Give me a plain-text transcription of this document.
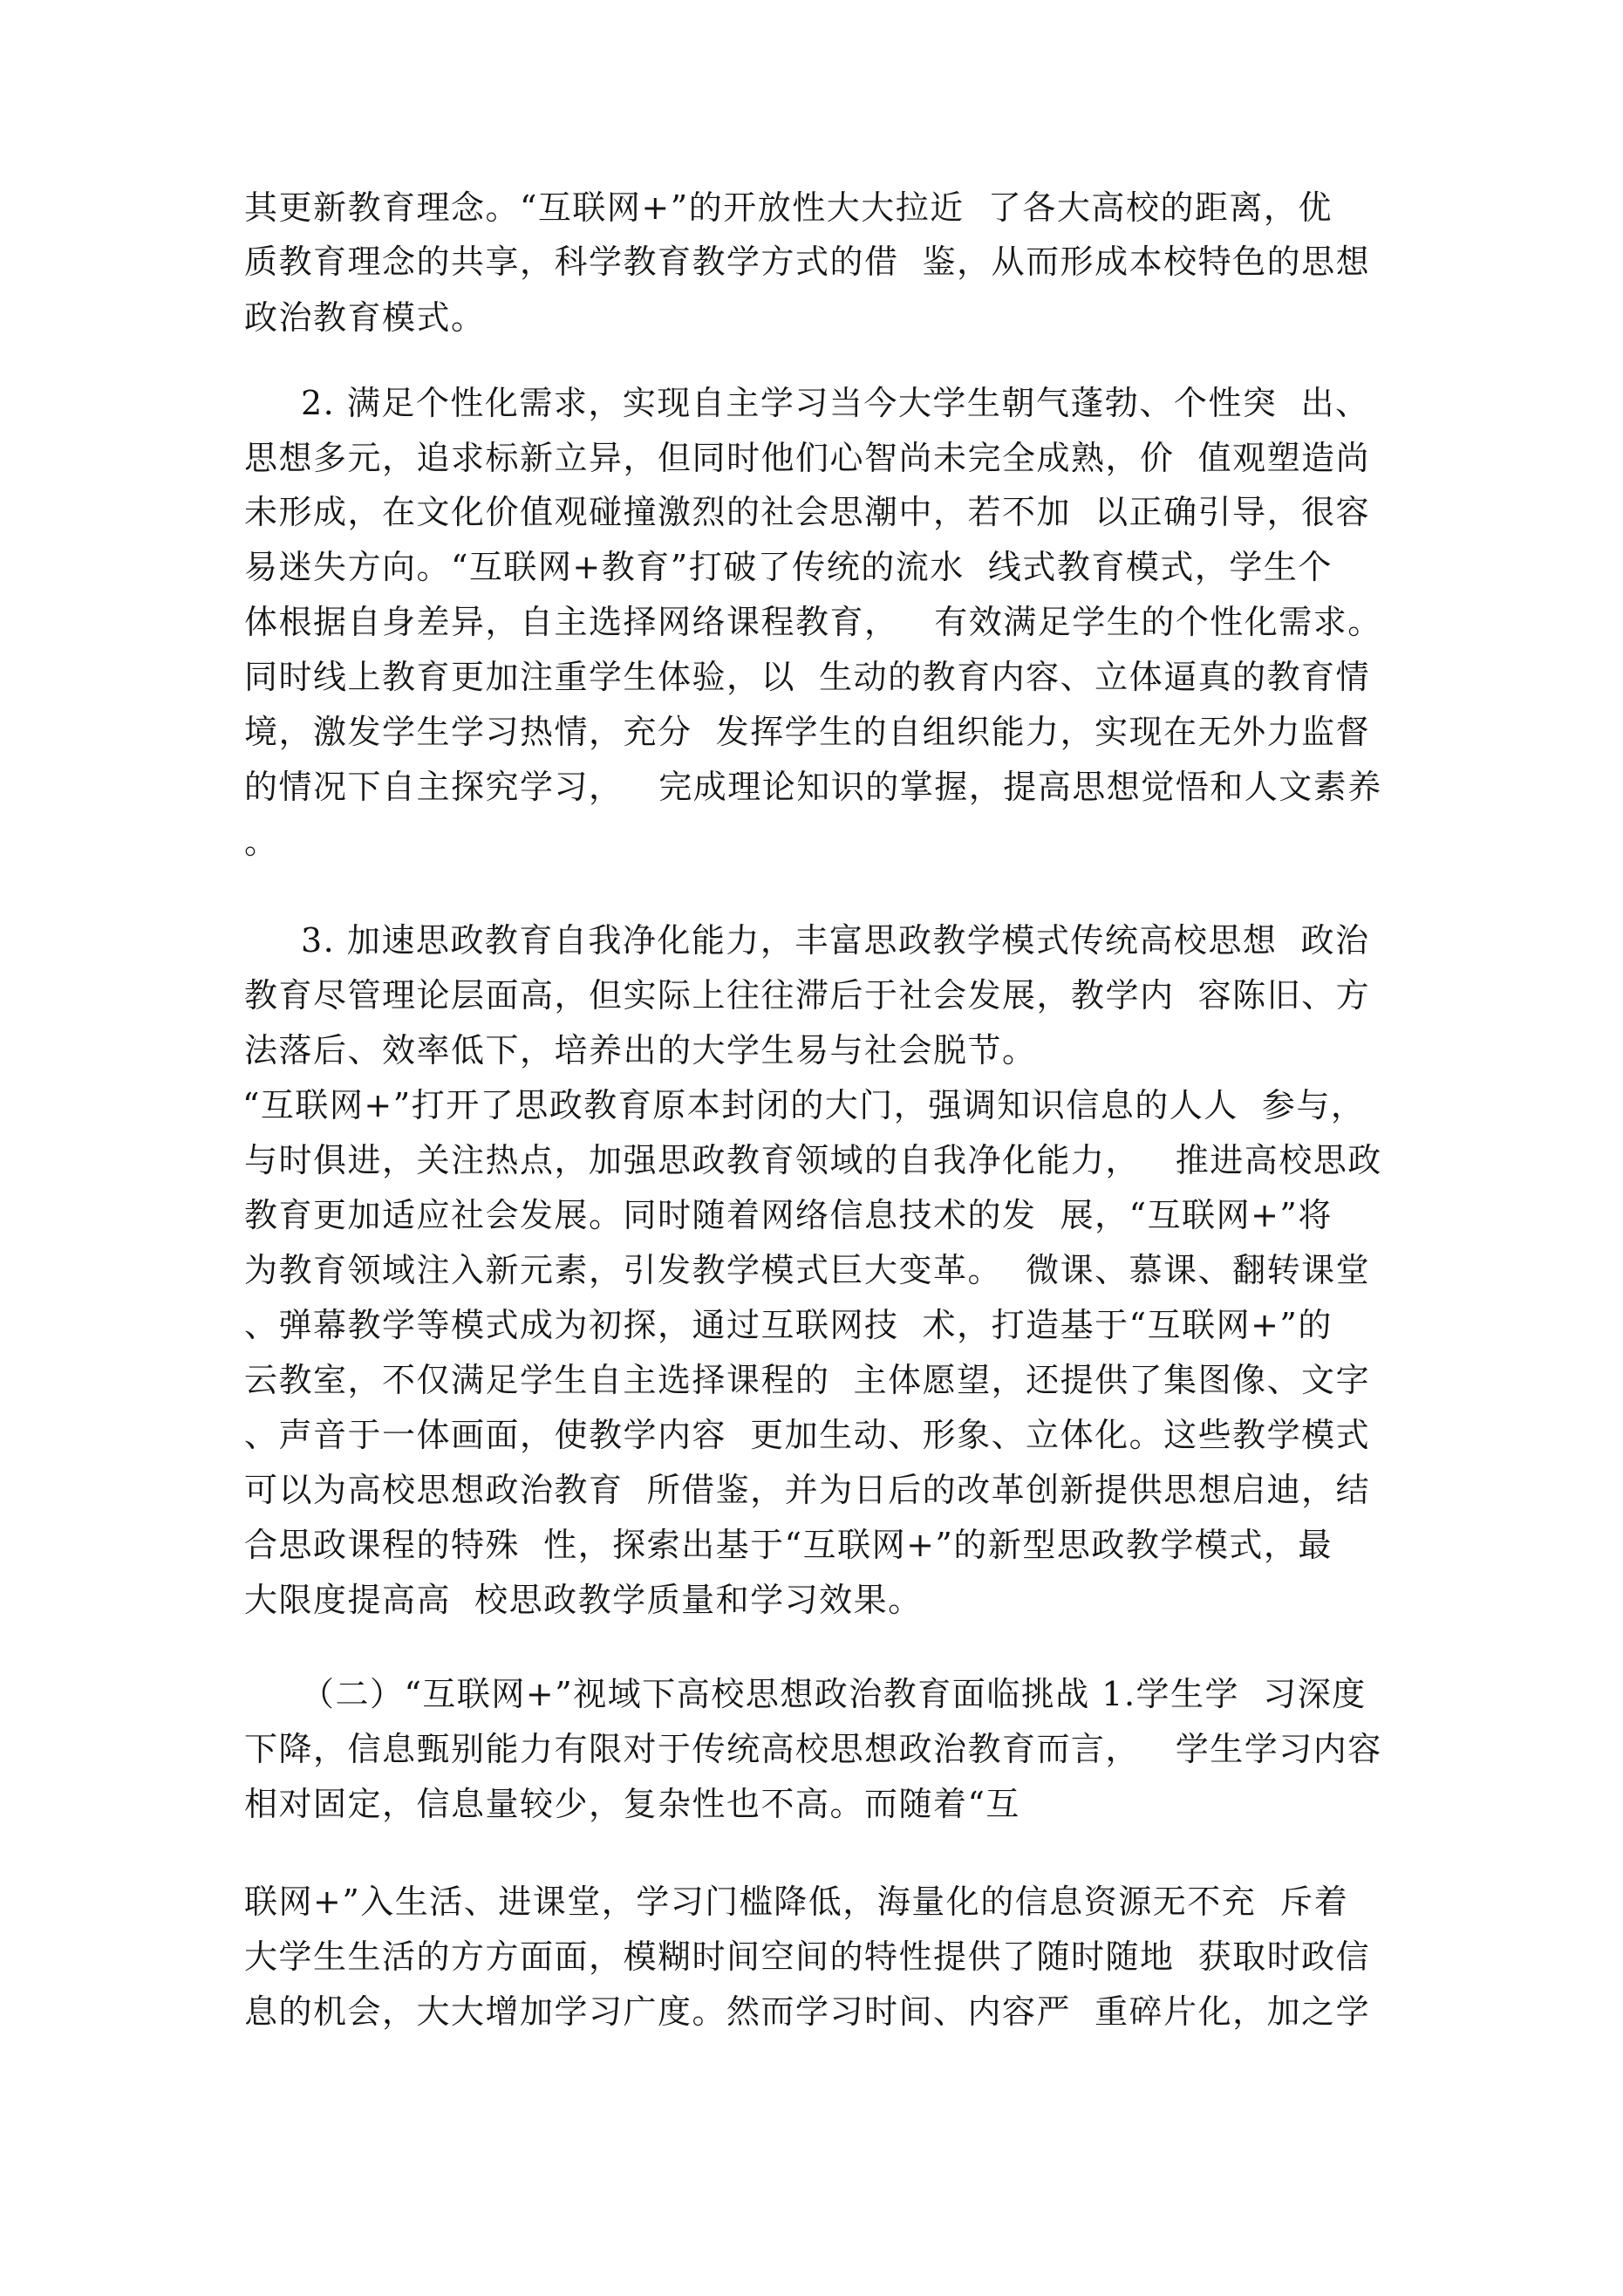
其更新教育理念。“互联网+”的开放性大大拉近  了各大高校的距离，优

质教育理念的共享，科学教育教学方式的借  鉴，从而形成本校特色的思想

政治教育模式。

2. 满足个性化需求，实现自主学习当今大学生朝气蓬勃、个性突  出、

思想多元，追求标新立异，但同时他们心智尚未完全成熟，价  值观塑造尚

未形成，在文化价值观碰撞激烈的社会思潮中，若不加  以正确引导，很容

易迷失方向。“互联网+教育”打破了传统的流水  线式教育模式，学生个

体根据自身差异，自主选择网络课程教育，   有效满足学生的个性化需求。

同时线上教育更加注重学生体验，以  生动的教育内容、立体逼真的教育情

境，激发学生学习热情，充分  发挥学生的自组织能力，实现在无外力监督

的情况下自主探究学习，   完成理论知识的掌握，提高思想觉悟和人文素养

。

3. 加速思政教育自我净化能力，丰富思政教学模式传统高校思想  政治

教育尽管理论层面高，但实际上往往滞后于社会发展，教学内  容陈旧、方

法落后、效率低下，培养出的大学生易与社会脱节。

“互联网+”打开了思政教育原本封闭的大门，强调知识信息的人人  参与，

与时俱进，关注热点，加强思政教育领域的自我净化能力，   推进高校思政

教育更加适应社会发展。同时随着网络信息技术的发  展，“互联网+”将

为教育领域注入新元素，引发教学模式巨大变革。  微课、慕课、翻转课堂

、弹幕教学等模式成为初探，通过互联网技  术，打造基于“互联网+”的

云教室，不仅满足学生自主选择课程的  主体愿望，还提供了集图像、文字

、声音于一体画面，使教学内容  更加生动、形象、立体化。这些教学模式

可以为高校思想政治教育  所借鉴，并为日后的改革创新提供思想启迪，结

合思政课程的特殊  性，探索出基于“互联网+”的新型思政教学模式，最

大限度提高高  校思政教学质量和学习效果。

（二）“互联网+”视域下高校思想政治教育面临挑战 1.学生学  习深度

下降，信息甄别能力有限对于传统高校思想政治教育而言，   学生学习内容

相对固定，信息量较少，复杂性也不高。而随着“互

联网+”入生活、进课堂，学习门槛降低，海量化的信息资源无不充  斥着

大学生生活的方方面面，模糊时间空间的特性提供了随时随地  获取时政信

息的机会，大大增加学习广度。然而学习时间、内容严  重碎片化，加之学
